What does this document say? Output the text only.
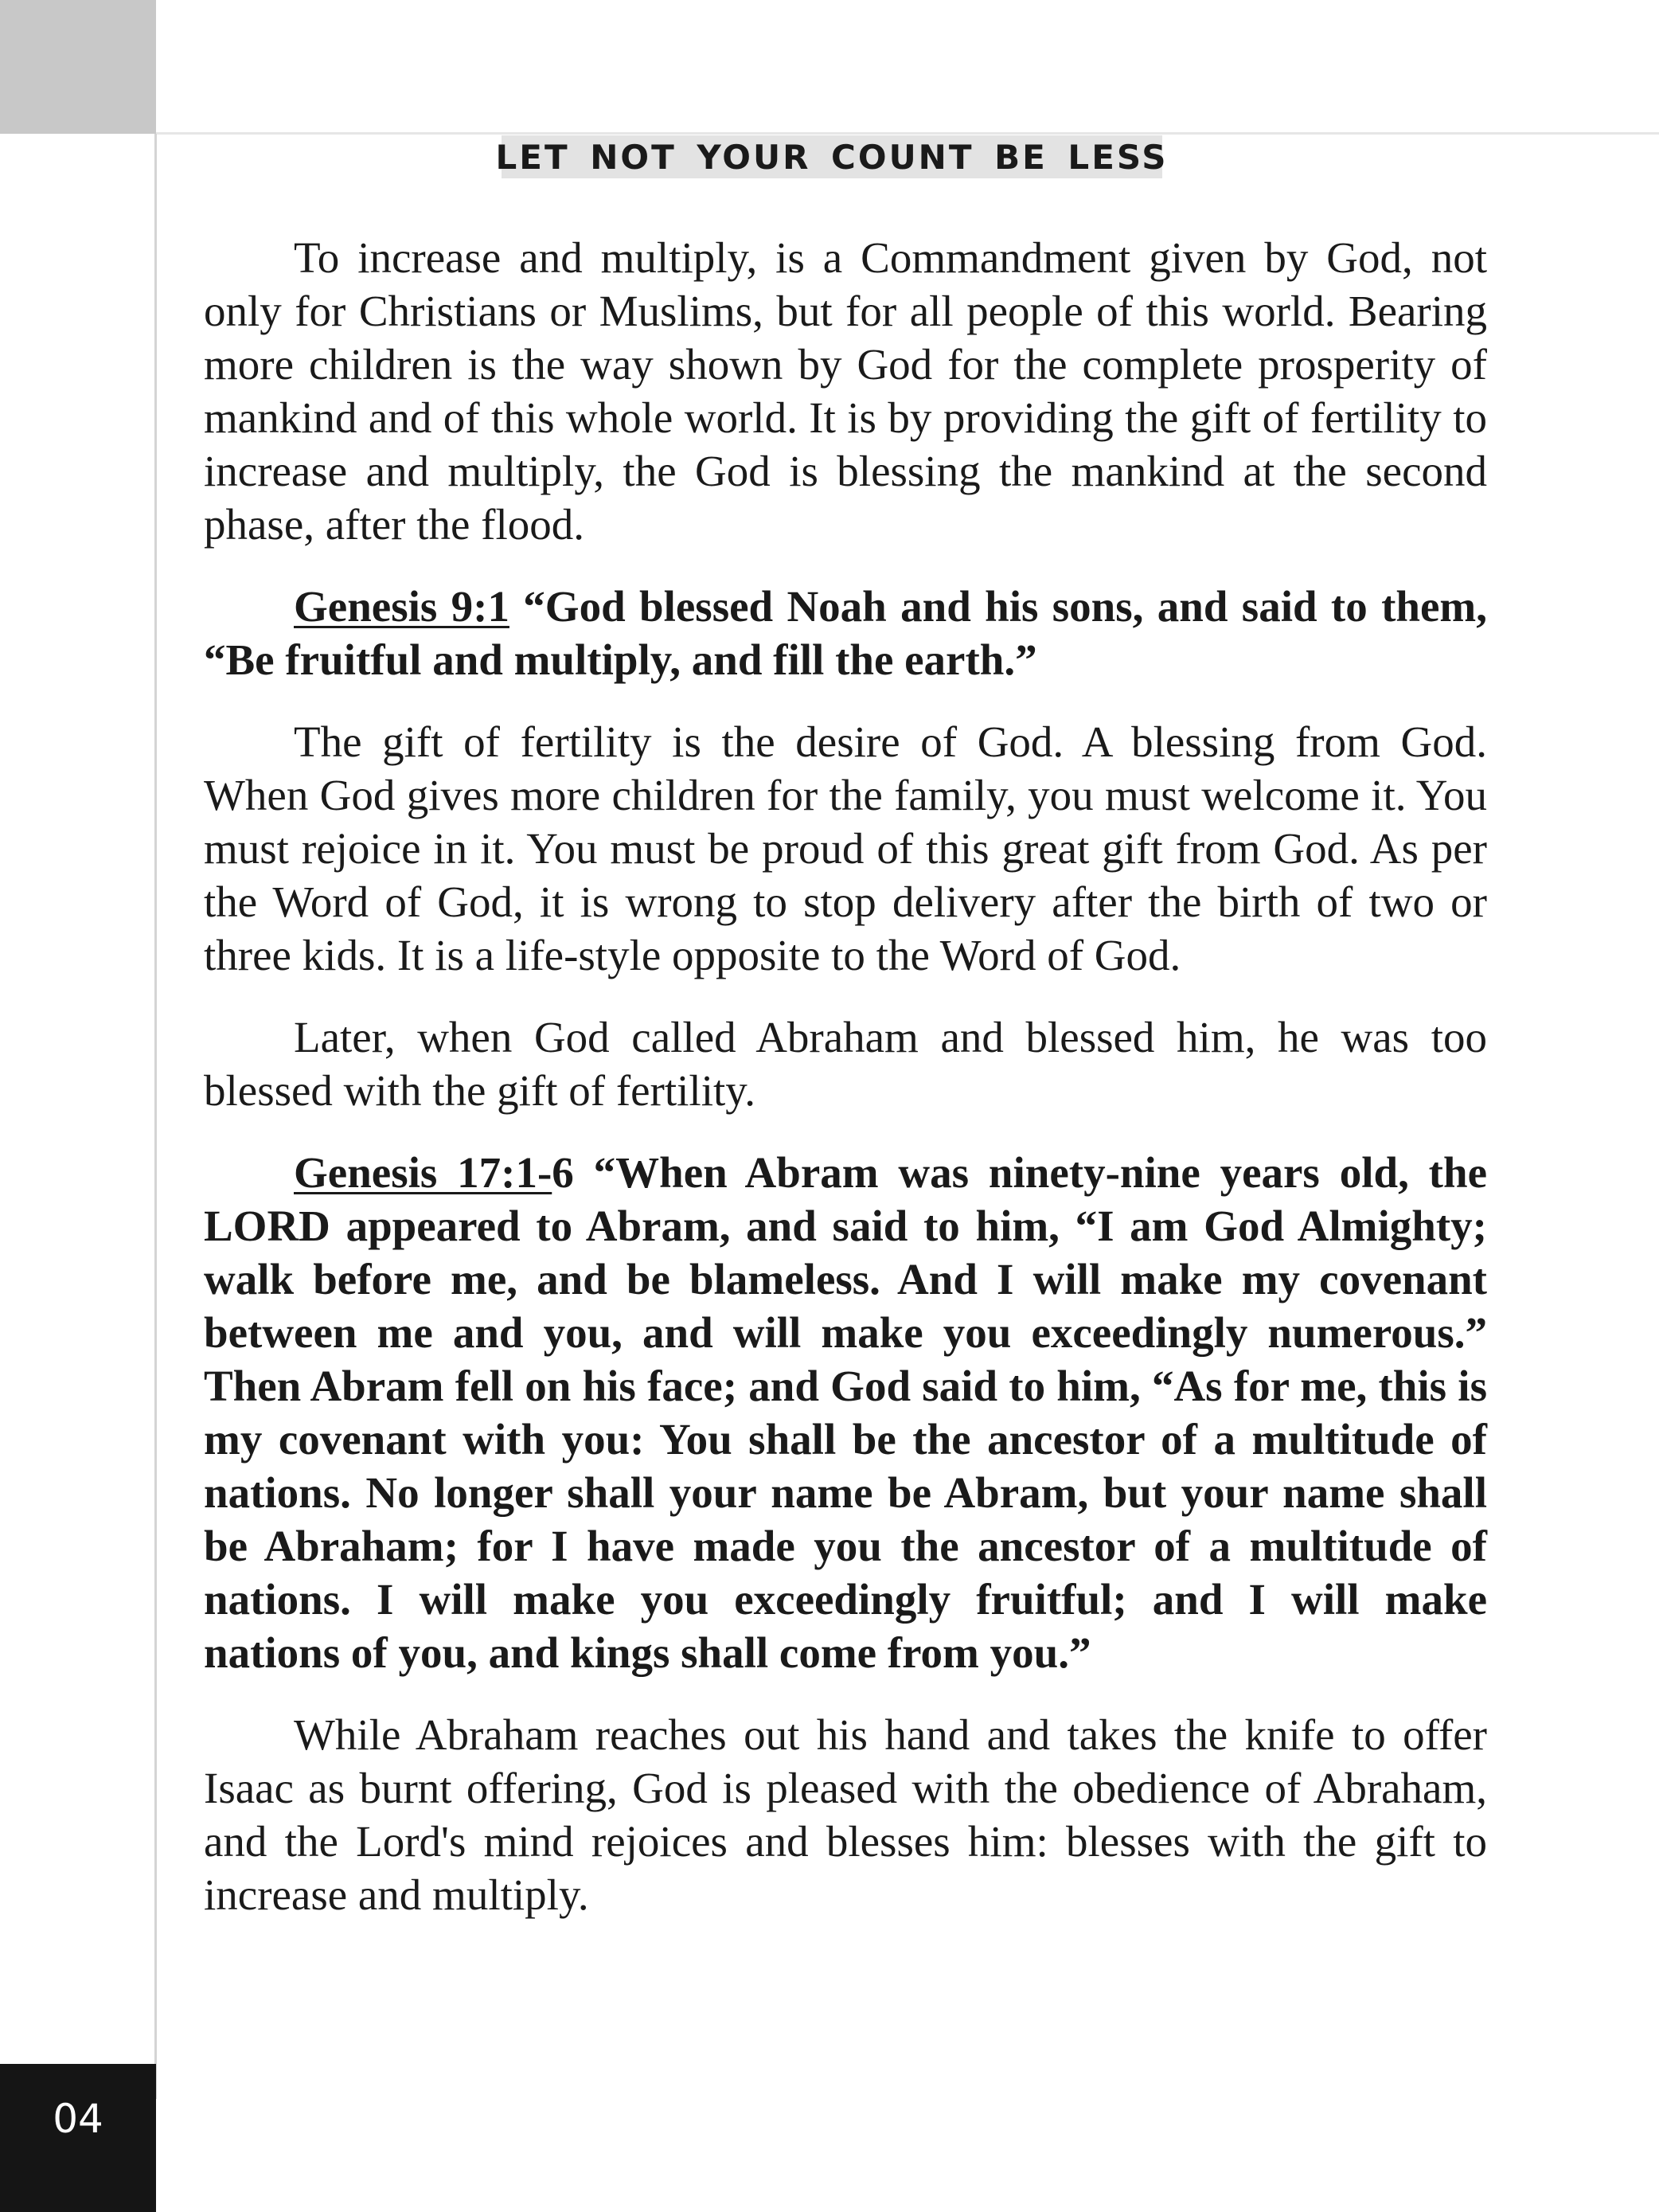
LET NOT YOUR COUNT BE LESS

To increase and multiply, is a Commandment given by God, not only for Christians or Muslims, but for all people of this world. Bearing more children is the way shown by God for the complete prosperity of mankind and of this whole world. It is by providing the gift of fertility to increase and multiply, the God is blessing the mankind at the second phase, after the flood.

Genesis 9:1 “God blessed Noah and his sons, and said to them, “Be fruitful and multiply, and fill the earth.”

The gift of fertility is the desire of God. A blessing from God. When God gives more children for the family, you must welcome it. You must rejoice in it. You must be proud of this great gift from God. As per the Word of God, it is wrong to stop delivery after the birth of two or three kids. It is a life-style opposite to the Word of God.

Later, when God called Abraham and blessed him, he was too blessed with the gift of fertility.

Genesis 17:1-6 “When Abram was ninety-nine years old, the LORD appeared to Abram, and said to him, “I am God Almighty; walk before me, and be blameless. And I will make my covenant between me and you, and will make you exceedingly numerous.” Then Abram fell on his face; and God said to him, “As for me, this is my covenant with you: You shall be the ancestor of a multitude of nations. No longer shall your name be Abram, but your name shall be Abraham; for I have made you the ancestor of a multitude of nations. I will make you exceedingly fruitful; and I will make nations of you, and kings shall come from you.”

While Abraham reaches out his hand and takes the knife to offer Isaac as burnt offering, God is pleased with the obedience of Abraham, and the Lord's mind rejoices and blesses him: blesses with the gift to increase and multiply.

04
